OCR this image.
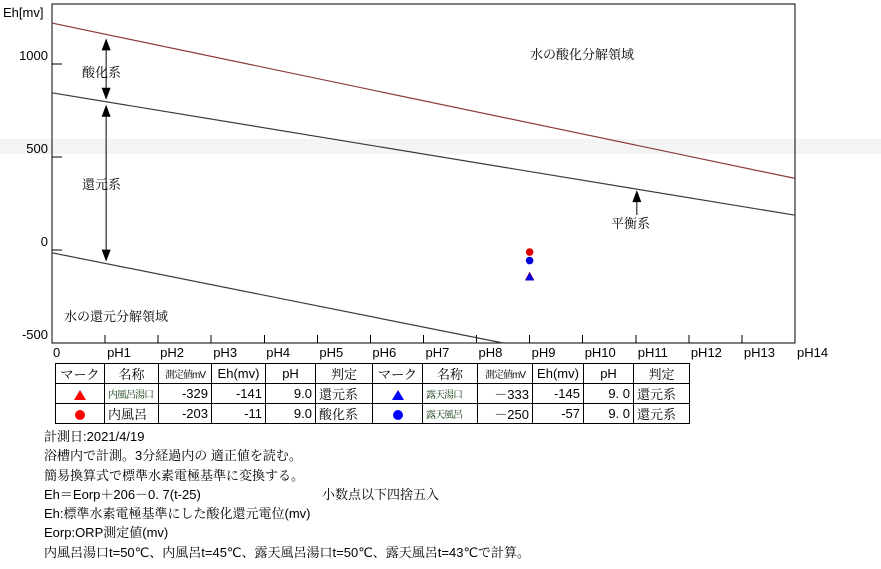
Eh[mv]
1000
500
0
-500
0	pH1 pH2 pH3 pH4 pH5 pH6 pH7 pH8 pH9 pH10 pH11 pH12 pH13 pH14
水の酸化分解領域
酸化系
還元系
平衡系
水の還元分解領域
マーク	名称	測定値mV	Eh(mv)	pH	判定	マーク	名称	測定値mV	Eh(mv)	pH	判定
	内風呂湯口	-329	-141	9.0	還元系		露天湯口	－333	-145	9. 0	還元系
	内風呂	-203	-11	9.0	酸化系		露天風呂	－250	-57	9. 0	還元系
計測日:2021/4/19
浴槽内で計測。3分経過内の 適正値を読む。
簡易換算式で標準水素電極基準に変換する。
Eh＝Eorp＋206－0. 7(t-25)	小数点以下四捨五入
Eh:標準水素電極基準にした酸化還元電位(mv)
Eorp:ORP測定値(mv)
内風呂湯口t=50℃、内風呂t=45℃、露天風呂湯口t=50℃、露天風呂t=43℃で計算。
